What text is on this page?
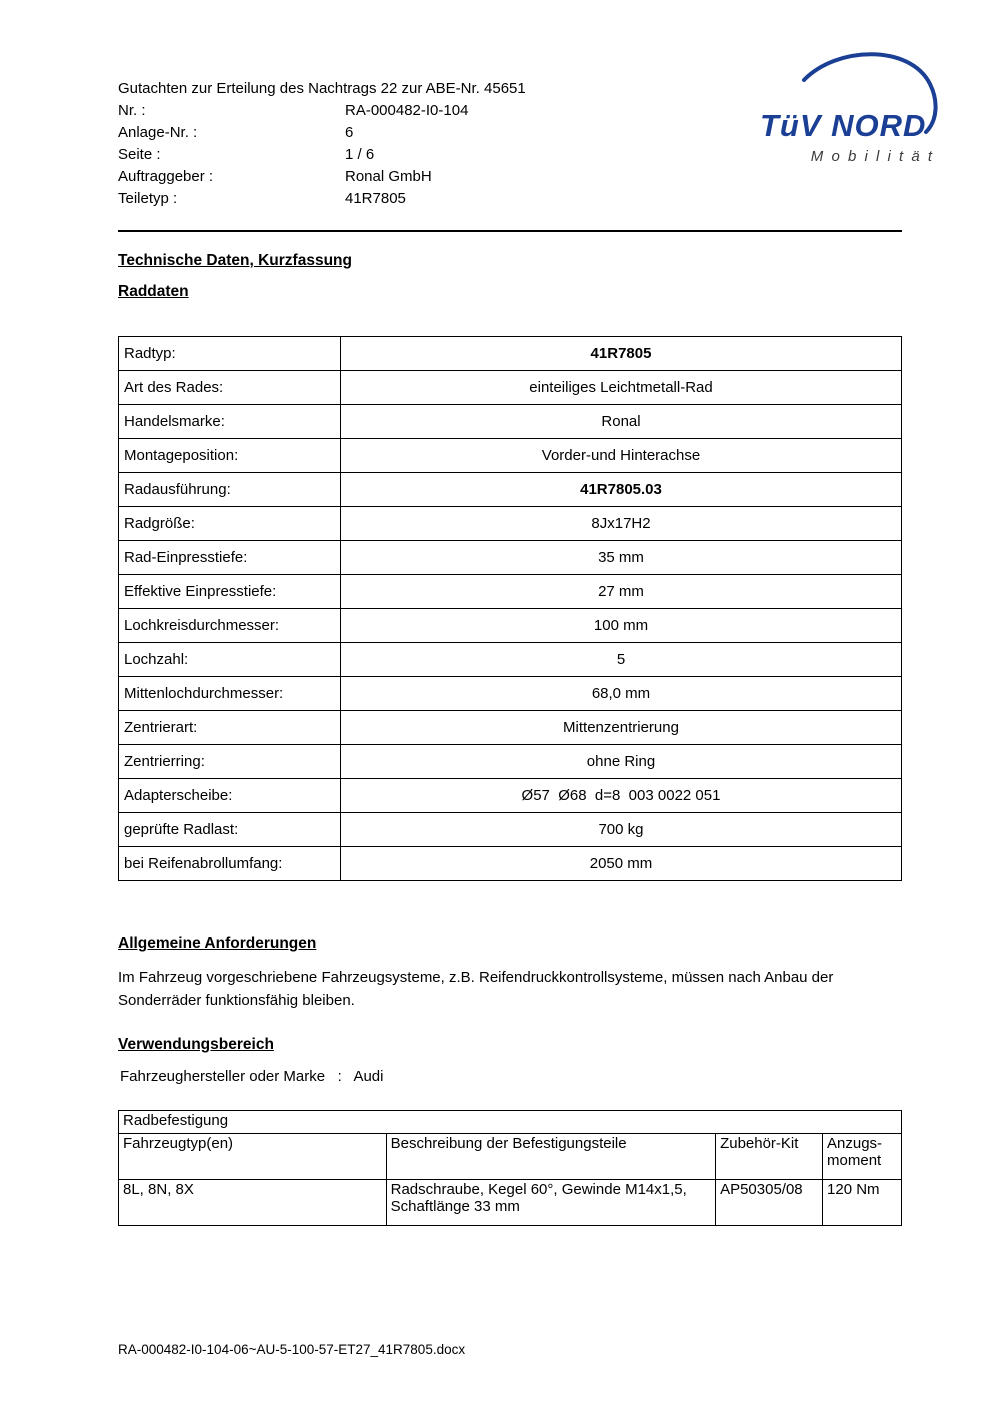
Gutachten zur Erteilung des Nachtrags 22 zur ABE-Nr. 45651
Nr. :	RA-000482-I0-104
Anlage-Nr. :	6
Seite :	1 / 6
Auftraggeber :	Ronal GmbH
Teiletyp :	41R7805
TüV NORD
M o b i l i t ä t
Technische Daten, Kurzfassung
Raddaten
Radtyp:	41R7805
Art des Rades:	einteiliges Leichtmetall-Rad
Handelsmarke:	Ronal
Montageposition:	Vorder-und Hinterachse
Radausführung:	41R7805.03
Radgröße:	8Jx17H2
Rad-Einpresstiefe:	35 mm
Effektive Einpresstiefe:	27 mm
Lochkreisdurchmesser:	100 mm
Lochzahl:	5
Mittenlochdurchmesser:	68,0 mm
Zentrierart:	Mittenzentrierung
Zentrierring:	ohne Ring
Adapterscheibe:	Ø57  Ø68  d=8  003 0022 051
geprüfte Radlast:	700 kg
bei Reifenabrollumfang:	2050 mm
Allgemeine Anforderungen
Im Fahrzeug vorgeschriebene Fahrzeugsysteme, z.B. Reifendruckkontrollsysteme, müssen nach Anbau der Sonderräder funktionsfähig bleiben.
Verwendungsbereich
Fahrzeughersteller oder Marke   :   Audi
Radbefestigung			
Fahrzeugtyp(en)	Beschreibung der Befestigungsteile	Zubehör-Kit	Anzugs-moment
8L, 8N, 8X	Radschraube, Kegel 60°, Gewinde M14x1,5, Schaftlänge 33 mm	AP50305/08	120 Nm
RA-000482-I0-104-06~AU-5-100-57-ET27_41R7805.docx
